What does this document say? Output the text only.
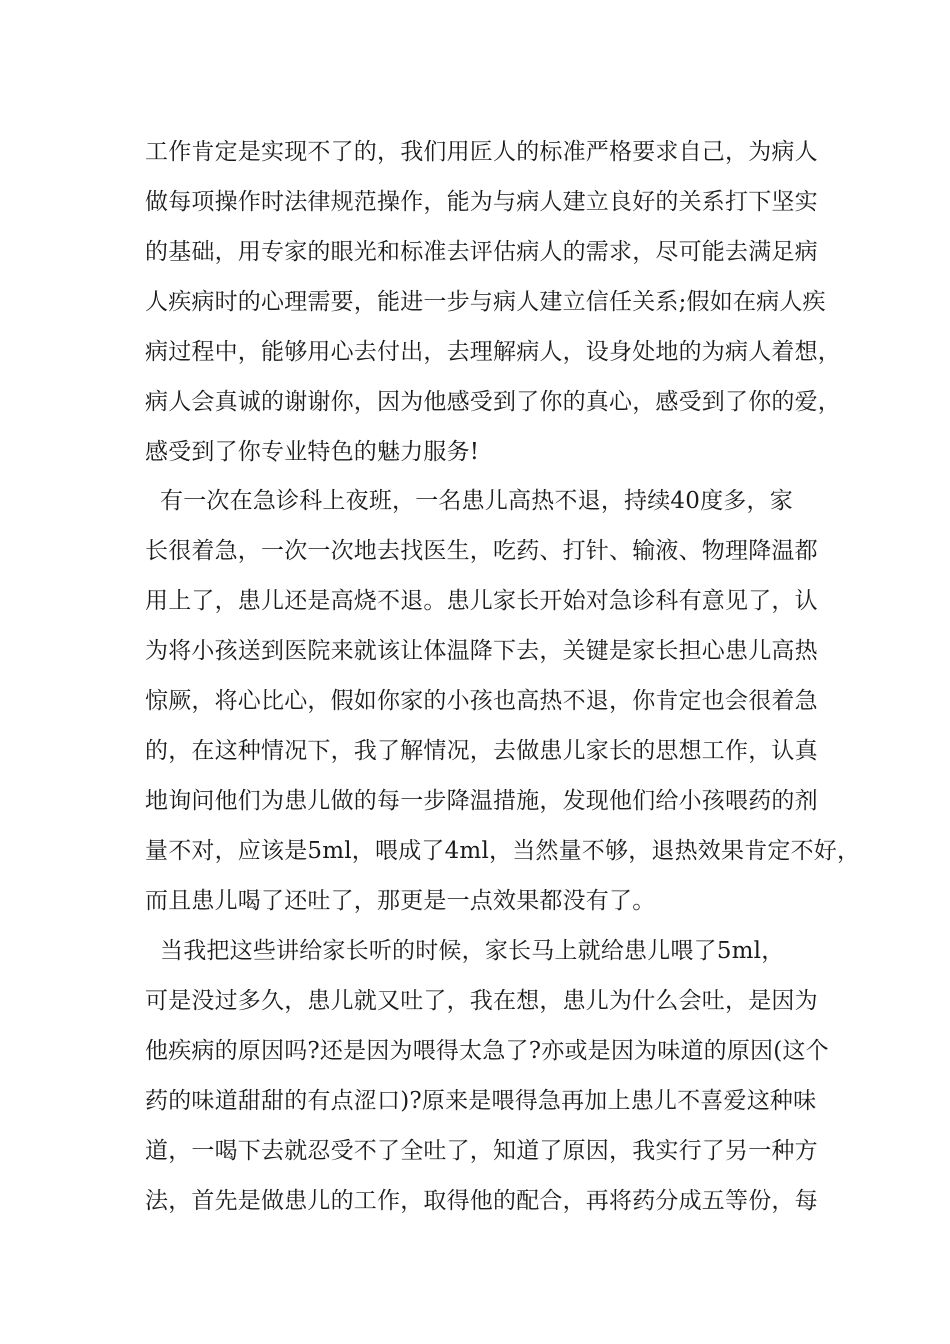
工作肯定是实现不了的，我们用匠人的标准严格要求自己，为病人
做每项操作时法律规范操作，能为与病人建立良好的关系打下坚实
的基础，用专家的眼光和标准去评估病人的需求，尽可能去满足病
人疾病时的心理需要，能进一步与病人建立信任关系;假如在病人疾
病过程中，能够用心去付出，去理解病人，设身处地的为病人着想，
病人会真诚的谢谢你，因为他感受到了你的真心，感受到了你的爱，
感受到了你专业特色的魅力服务!
有一次在急诊科上夜班，一名患儿高热不退，持续40度多，家
长很着急，一次一次地去找医生，吃药、打针、输液、物理降温都
用上了，患儿还是高烧不退。患儿家长开始对急诊科有意见了，认
为将小孩送到医院来就该让体温降下去，关键是家长担心患儿高热
惊厥，将心比心，假如你家的小孩也高热不退，你肯定也会很着急
的，在这种情况下，我了解情况，去做患儿家长的思想工作，认真
地询问他们为患儿做的每一步降温措施，发现他们给小孩喂药的剂
量不对，应该是5ml，喂成了4ml，当然量不够，退热效果肯定不好，
而且患儿喝了还吐了，那更是一点效果都没有了。
当我把这些讲给家长听的时候，家长马上就给患儿喂了5ml，
可是没过多久，患儿就又吐了，我在想，患儿为什么会吐，是因为
他疾病的原因吗?还是因为喂得太急了?亦或是因为味道的原因(这个
药的味道甜甜的有点涩口)?原来是喂得急再加上患儿不喜爱这种味
道，一喝下去就忍受不了全吐了，知道了原因，我实行了另一种方
法，首先是做患儿的工作，取得他的配合，再将药分成五等份，每
